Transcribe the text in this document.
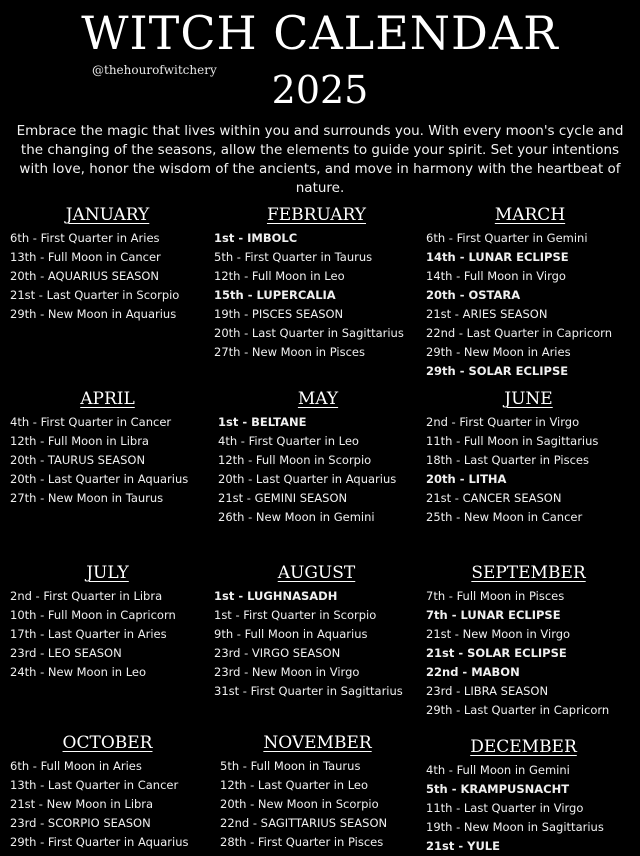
WITCH CALENDAR
@thehourofwitchery	2025
Embrace the magic that lives within you and surrounds you. With every moon's cycle and the changing of the seasons, allow the elements to guide your spirit. Set your intentions with love, honor the wisdom of the ancients, and move in harmony with the heartbeat of nature.
JANUARY
6th - First Quarter in Aries
13th - Full Moon in Cancer
20th - AQUARIUS SEASON
21st - Last Quarter in Scorpio
29th - New Moon in Aquarius
FEBRUARY
1st - IMBOLC
5th - First Quarter in Taurus
12th - Full Moon in Leo
15th - LUPERCALIA
19th - PISCES SEASON
20th - Last Quarter in Sagittarius
27th - New Moon in Pisces
MARCH
6th - First Quarter in Gemini
14th - LUNAR ECLIPSE
14th - Full Moon in Virgo
20th - OSTARA
21st - ARIES SEASON
22nd - Last Quarter in Capricorn
29th - New Moon in Aries
29th - SOLAR ECLIPSE
APRIL
4th - First Quarter in Cancer
12th - Full Moon in Libra
20th - TAURUS SEASON
20th - Last Quarter in Aquarius
27th - New Moon in Taurus
MAY
1st - BELTANE
4th - First Quarter in Leo
12th - Full Moon in Scorpio
20th - Last Quarter in Aquarius
21st - GEMINI SEASON
26th - New Moon in Gemini
JUNE
2nd - First Quarter in Virgo
11th - Full Moon in Sagittarius
18th - Last Quarter in Pisces
20th - LITHA
21st - CANCER SEASON
25th - New Moon in Cancer
JULY
2nd - First Quarter in Libra
10th - Full Moon in Capricorn
17th - Last Quarter in Aries
23rd - LEO SEASON
24th - New Moon in Leo
AUGUST
1st - LUGHNASADH
1st - First Quarter in Scorpio
9th - Full Moon in Aquarius
23rd - VIRGO SEASON
23rd - New Moon in Virgo
31st - First Quarter in Sagittarius
SEPTEMBER
7th - Full Moon in Pisces
7th - LUNAR ECLIPSE
21st - New Moon in Virgo
21st - SOLAR ECLIPSE
22nd - MABON
23rd - LIBRA SEASON
29th - Last Quarter in Capricorn
OCTOBER
6th - Full Moon in Aries
13th - Last Quarter in Cancer
21st - New Moon in Libra
23rd - SCORPIO SEASON
29th - First Quarter in Aquarius
NOVEMBER
5th - Full Moon in Taurus
12th - Last Quarter in Leo
20th - New Moon in Scorpio
22nd - SAGITTARIUS SEASON
28th - First Quarter in Pisces
DECEMBER
4th - Full Moon in Gemini
5th - KRAMPUSNACHT
11th - Last Quarter in Virgo
19th - New Moon in Sagittarius
21st - YULE
